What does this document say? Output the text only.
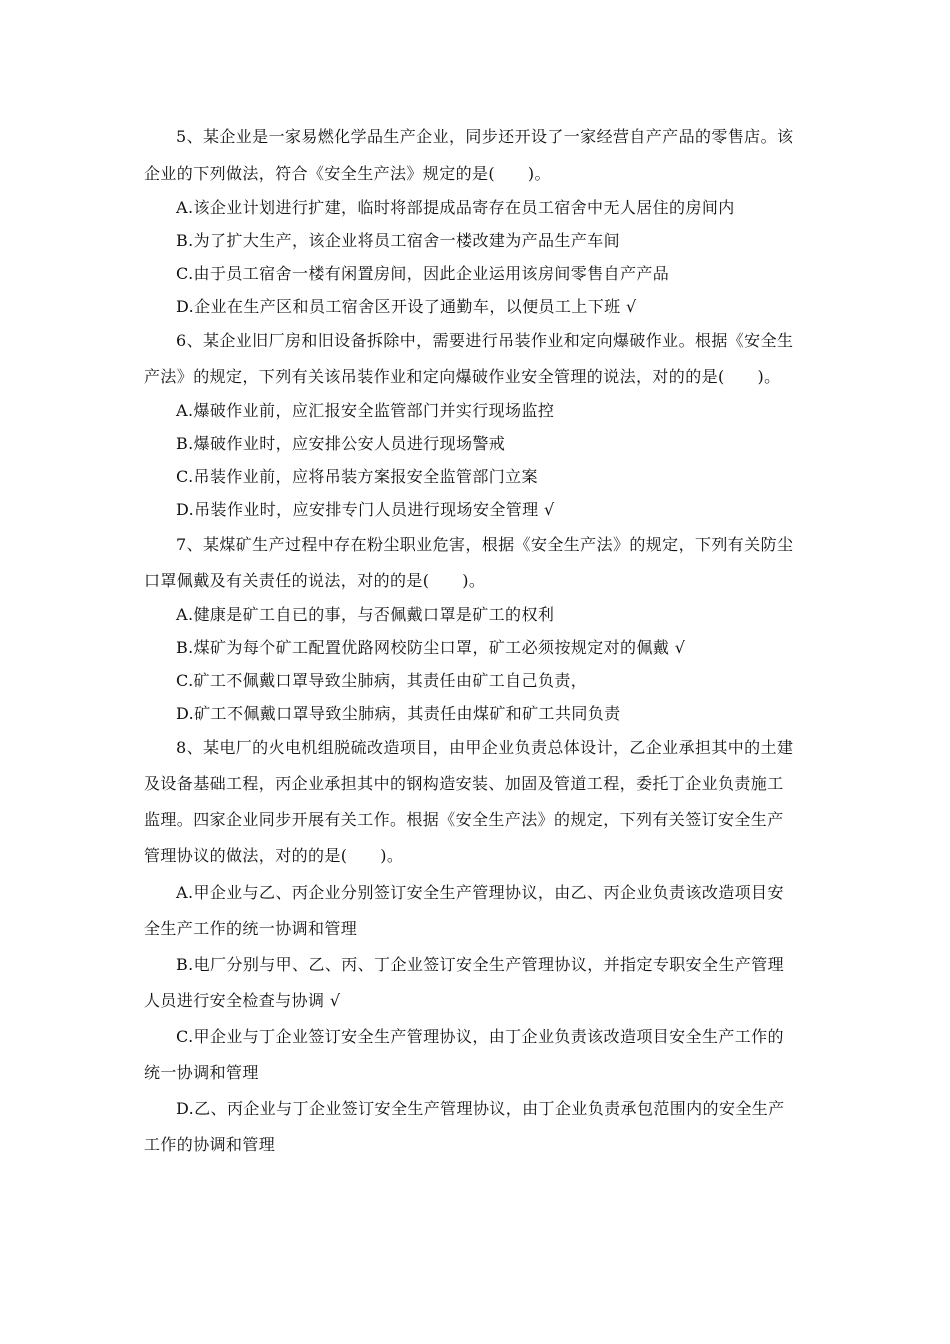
5、某企业是一家易燃化学品生产企业，同步还开设了一家经营自产产品的零售店。该
企业的下列做法，符合《安全生产法》规定的是(　　)。
A.该企业计划进行扩建，临时将部提成品寄存在员工宿舍中无人居住的房间内
B.为了扩大生产，该企业将员工宿舍一楼改建为产品生产车间
C.由于员工宿舍一楼有闲置房间，因此企业运用该房间零售自产产品
D.企业在生产区和员工宿舍区开设了通勤车，以便员工上下班 √
6、某企业旧厂房和旧设备拆除中，需要进行吊装作业和定向爆破作业。根据《安全生
产法》的规定，下列有关该吊装作业和定向爆破作业安全管理的说法，对的的是(　　)。
A.爆破作业前，应汇报安全监管部门并实行现场监控
B.爆破作业时，应安排公安人员进行现场警戒
C.吊装作业前，应将吊装方案报安全监管部门立案
D.吊装作业时，应安排专门人员进行现场安全管理 √
7、某煤矿生产过程中存在粉尘职业危害，根据《安全生产法》的规定，下列有关防尘
口罩佩戴及有关责任的说法，对的的是(　　)。
A.健康是矿工自已的事，与否佩戴口罩是矿工的权利
B.煤矿为每个矿工配置优路网校防尘口罩，矿工必须按规定对的佩戴 √
C.矿工不佩戴口罩导致尘肺病，其责任由矿工自己负责，
D.矿工不佩戴口罩导致尘肺病，其责任由煤矿和矿工共同负责
8、某电厂的火电机组脱硫改造项目，由甲企业负责总体设计，乙企业承担其中的土建
及设备基础工程，丙企业承担其中的钢构造安装、加固及管道工程，委托丁企业负责施工
监理。四家企业同步开展有关工作。根据《安全生产法》的规定，下列有关签订安全生产
管理协议的做法，对的的是(　　)。
A.甲企业与乙、丙企业分别签订安全生产管理协议，由乙、丙企业负责该改造项目安
全生产工作的统一协调和管理
B.电厂分别与甲、乙、丙、丁企业签订安全生产管理协议，并指定专职安全生产管理
人员进行安全检查与协调 √
C.甲企业与丁企业签订安全生产管理协议，由丁企业负责该改造项目安全生产工作的
统一协调和管理
D.乙、丙企业与丁企业签订安全生产管理协议，由丁企业负责承包范围内的安全生产
工作的协调和管理
